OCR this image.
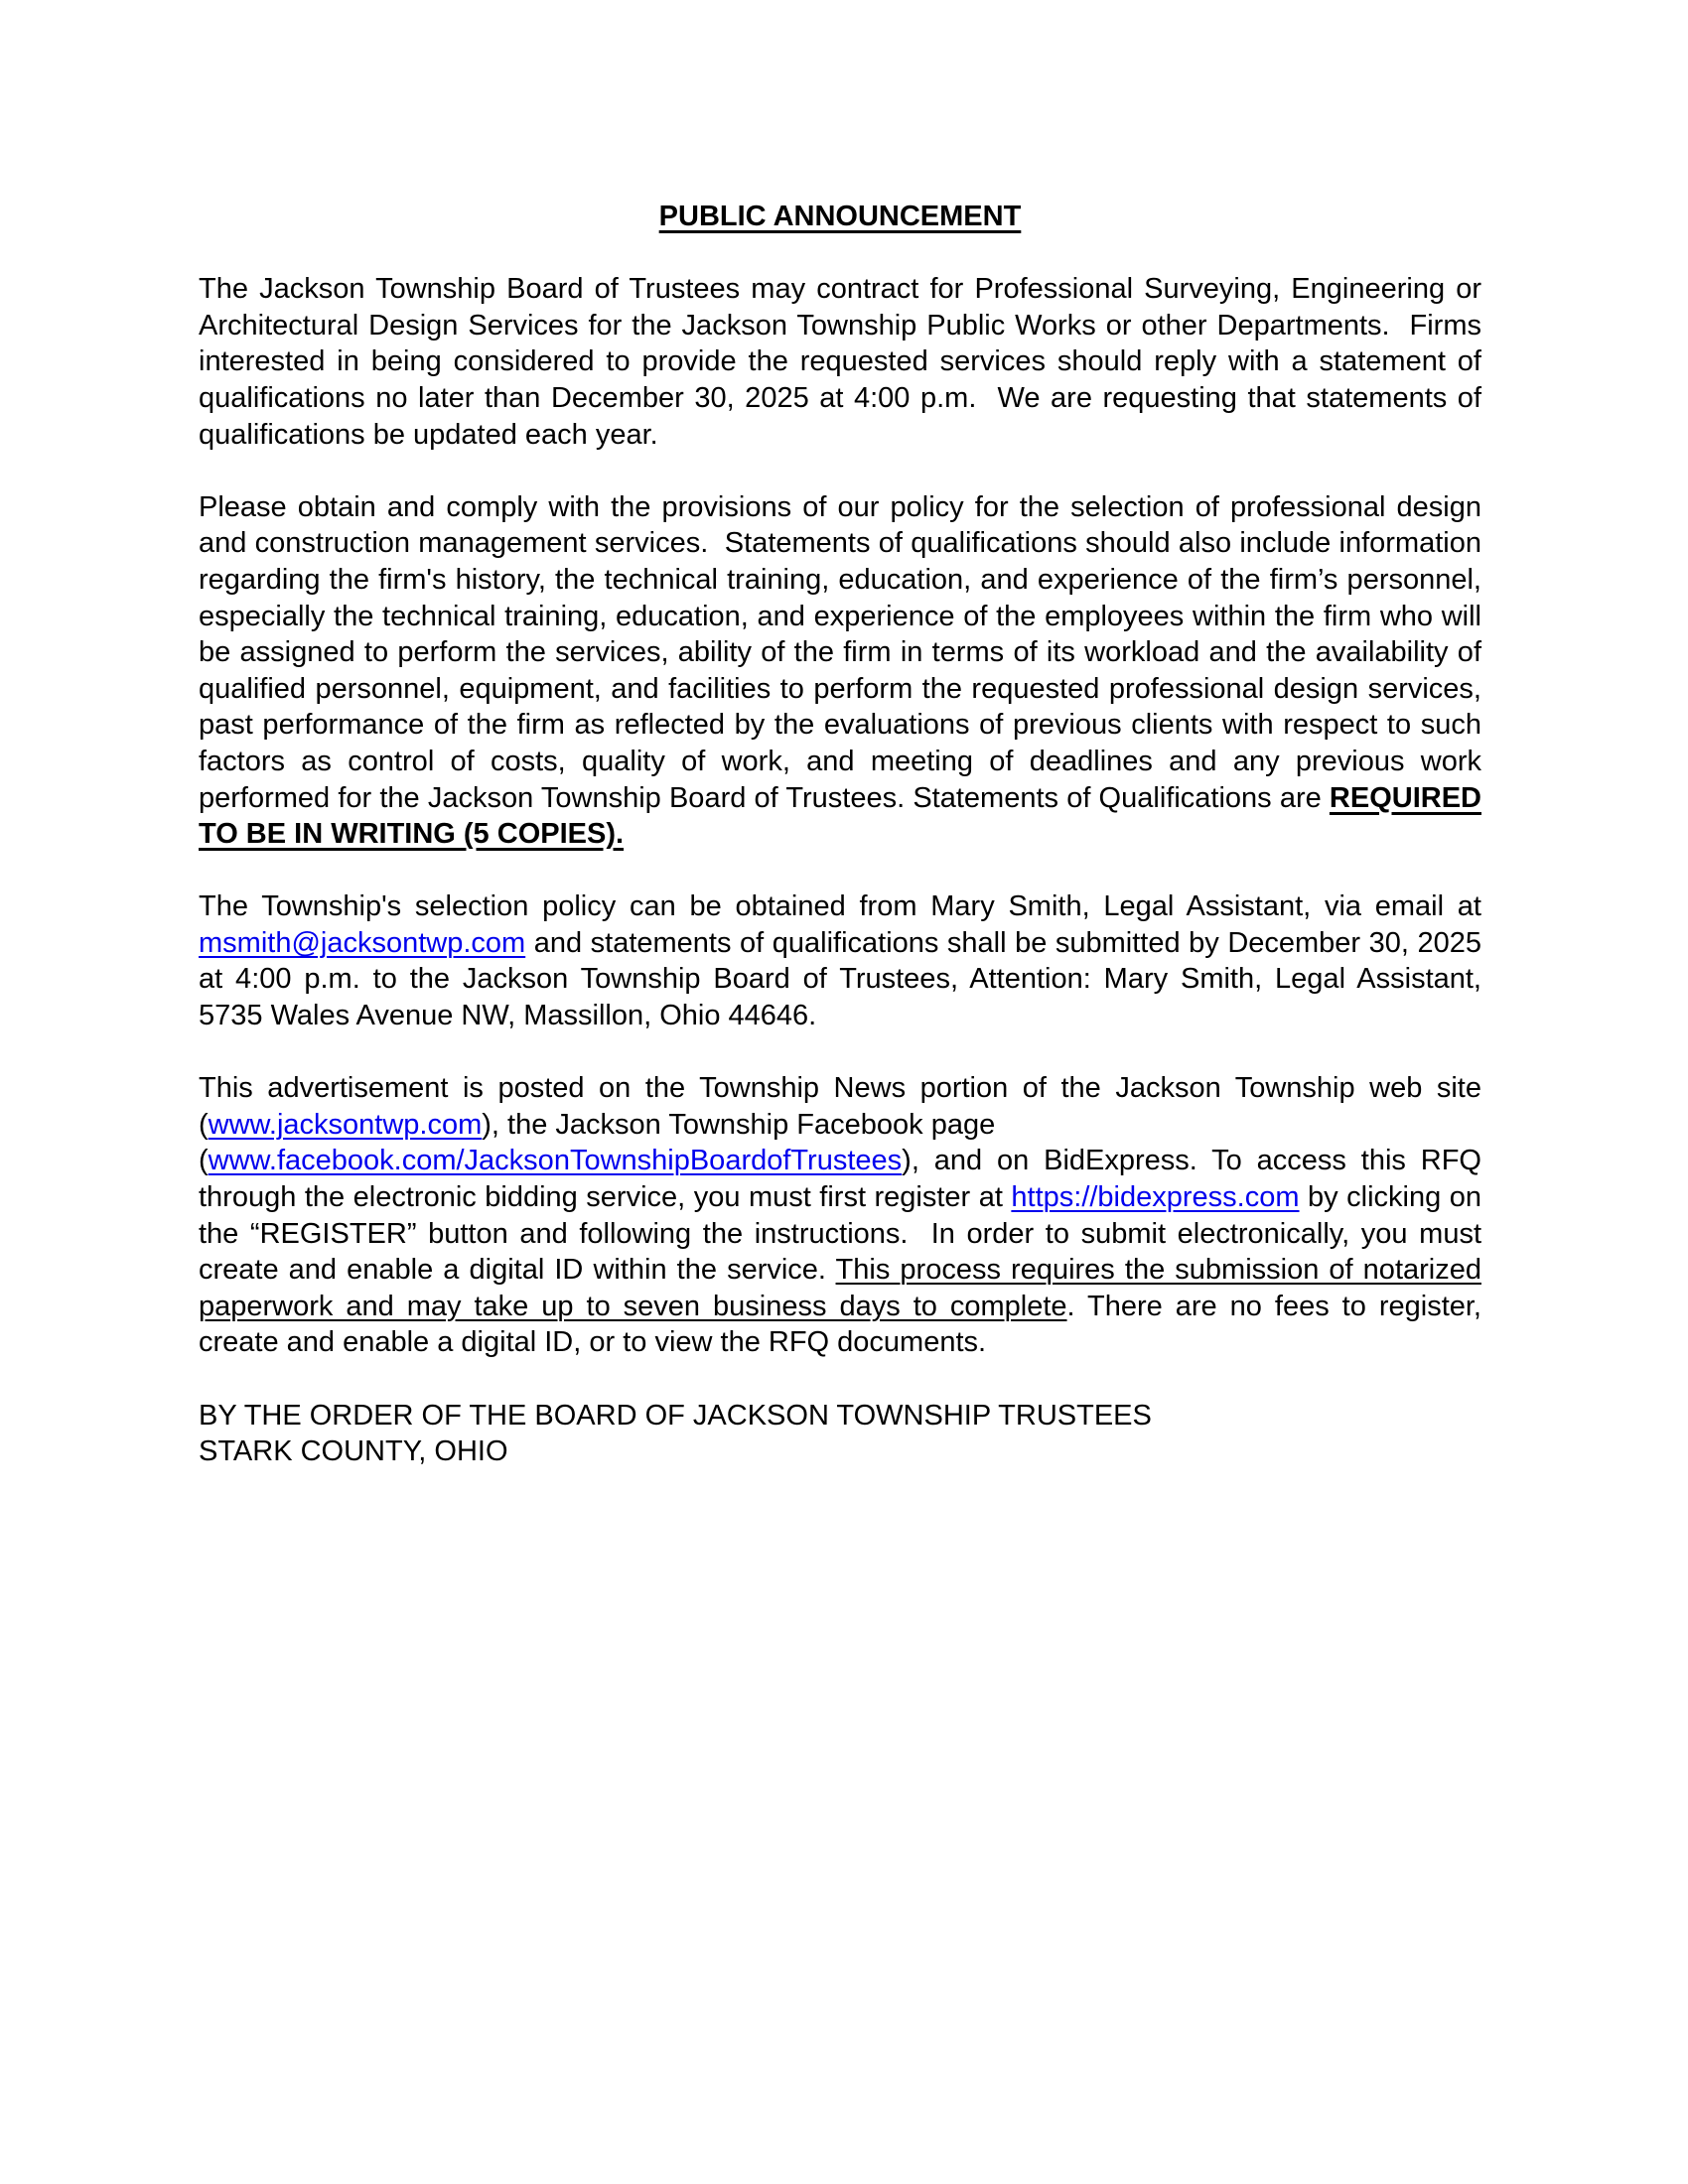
PUBLIC ANNOUNCEMENT

The Jackson Township Board of Trustees may contract for Professional Surveying, Engineering or Architectural Design Services for the Jackson Township Public Works or other Departments.  Firms interested in being considered to provide the requested services should reply with a statement of qualifications no later than December 30, 2025 at 4:00 p.m.  We are requesting that statements of qualifications be updated each year.

Please obtain and comply with the provisions of our policy for the selection of professional design and construction management services.  Statements of qualifications should also include information regarding the firm's history, the technical training, education, and experience of the firm’s personnel, especially the technical training, education, and experience of the employees within the firm who will be assigned to perform the services, ability of the firm in terms of its workload and the availability of qualified personnel, equipment, and facilities to perform the requested professional design services, past performance of the firm as reflected by the evaluations of previous clients with respect to such factors as control of costs, quality of work, and meeting of deadlines and any previous work performed for the Jackson Township Board of Trustees. Statements of Qualifications are REQUIRED TO BE IN WRITING (5 COPIES).

The Township's selection policy can be obtained from Mary Smith, Legal Assistant, via email at msmith@jacksontwp.com and statements of qualifications shall be submitted by December 30, 2025 at 4:00 p.m. to the Jackson Township Board of Trustees, Attention: Mary Smith, Legal Assistant, 5735 Wales Avenue NW, Massillon, Ohio 44646.

This advertisement is posted on the Township News portion of the Jackson Township web site (www.jacksontwp.com), the Jackson Township Facebook page
(www.facebook.com/JacksonTownshipBoardofTrustees), and on BidExpress. To access this RFQ through the electronic bidding service, you must first register at https://bidexpress.com by clicking on the “REGISTER” button and following the instructions.  In order to submit electronically, you must create and enable a digital ID within the service. This process requires the submission of notarized paperwork and may take up to seven business days to complete. There are no fees to register, create and enable a digital ID, or to view the RFQ documents.

BY THE ORDER OF THE BOARD OF JACKSON TOWNSHIP TRUSTEES
STARK COUNTY, OHIO
